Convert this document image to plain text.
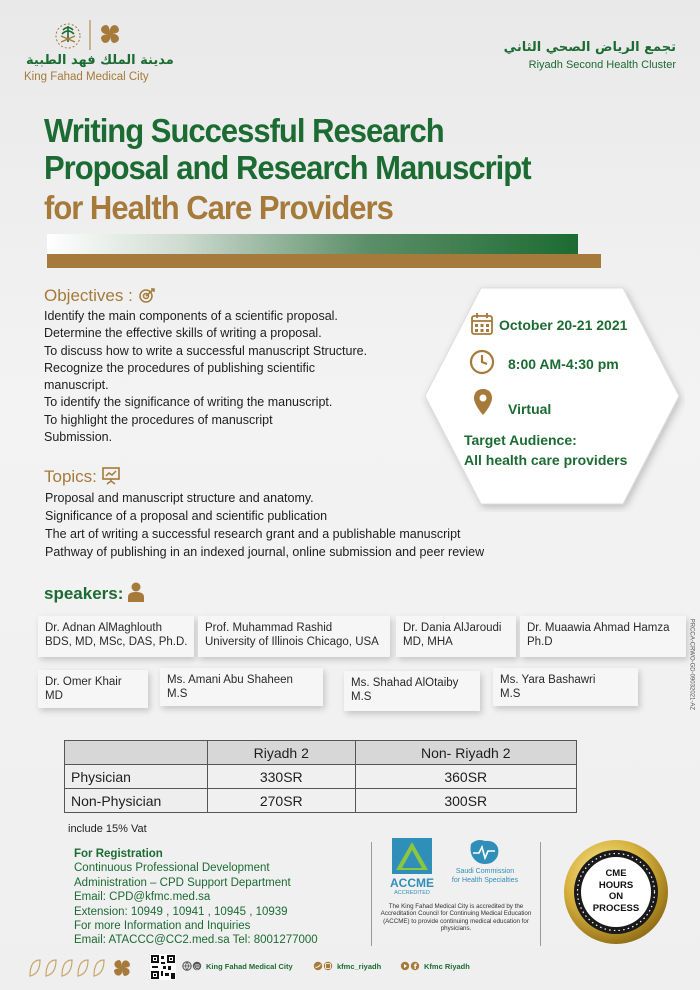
مدينة الملك فهد الطبية
King Fahad Medical City
تجمع الرياض الصحي الثاني
Riyadh Second Health Cluster
Writing Successful Research
Proposal and Research Manuscript
for Health Care Providers
Objectives :
Identify the main components of a scientific proposal.
Determine the effective skills of writing a proposal.
To discuss how to write a successful manuscript Structure.
Recognize the procedures of publishing scientific
manuscript.
To identify the significance of writing the manuscript.
To highlight the procedures of manuscript
Submission.
October 20-21 2021
8:00 AM-4:30 pm
Virtual
Target Audience:
All health care providers
Topics:
Proposal and manuscript structure and anatomy.
Significance of a proposal and scientific publication
The art of writing a successful research grant and a publishable manuscript
Pathway of publishing in an indexed journal, online submission and peer review
speakers:
Dr. Adnan AlMaghlouth
BDS, MD, MSc, DAS, Ph.D.
Prof. Muhammad Rashid
University of Illinois Chicago, USA
Dr. Dania AlJaroudi
MD, MHA
Dr. Muaawia Ahmad Hamza
Ph.D
Dr. Omer Khair
MD
Ms. Amani Abu Shaheen
M.S
Ms. Shahad AlOtaiby
M.S
Ms. Yara Bashawri
M.S	PRCCA-CRWO-GD-09032021-AZ
	Riyadh 2	Non- Riyadh 2
Physician	330SR	360SR
Non-Physician	270SR	300SR
include 15% Vat
For Registration
Continuous Professional Development
Administration – CPD Support Department
Email: CPD@kfmc.med.sa
Extension: 10949 , 10941 , 10945 , 10939
For more Information and Inquiries
Email: ATACCC@CC2.med.sa Tel: 8001277000
ACCME
ACCREDITED
Saudi Commission
for Health Specialties
The King Fahad Medical City is accredited by the Accreditation Council for Continuing Medical Education (ACCME) to provide continuing medical education for physicians.
CME
HOURS
ON
PROCESS
@ King Fahad Medical City	kfmc_riyadh	f Kfmc Riyadh
